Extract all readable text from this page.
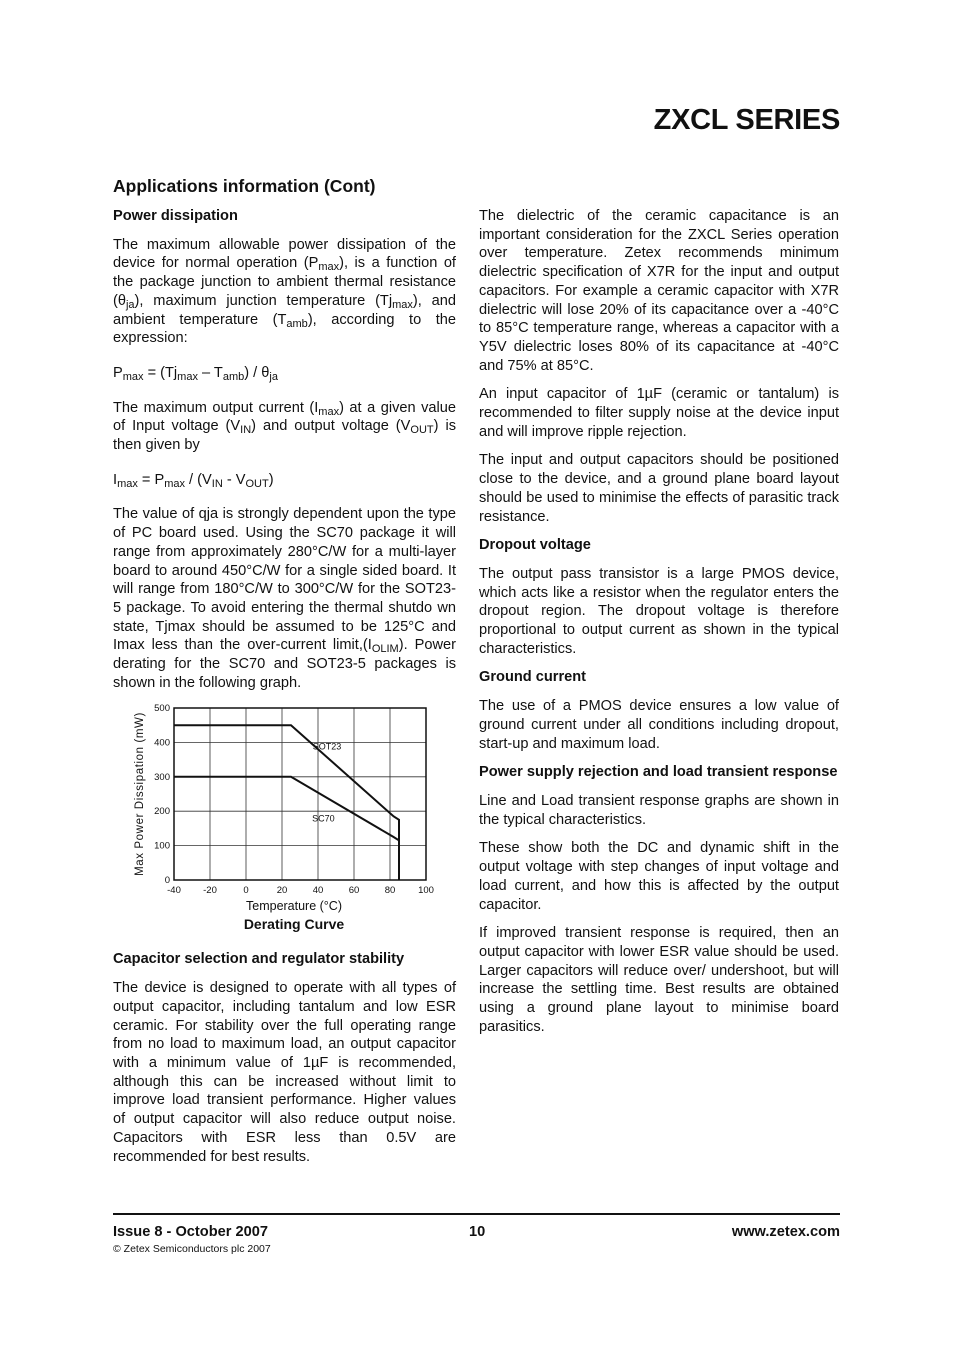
ZXCL SERIES
Applications information (Cont)
Power dissipation

The maximum allowable power dissipation of the device for normal operation $(P_{max})$, is a function of the package junction to ambient thermal resistance $(\theta_{ja})$, maximum junction temperature $(Tj_{max})$, and ambient temperature $(T_{amb})$, according to the expression:

$P_{max} = (Tj_{max} - T_{amb}) / \theta_{ja}$

The maximum output current $(I_{max})$ at a given value of Input voltage $(V_{IN})$ and output voltage $(V_{OUT})$ is then given by

$I_{max} = P_{max} / (V_{IN} - V_{OUT})$

The value of qja is strongly dependent upon the type of PC board used. Using the SC70 package it will range from approximately 280°C/W for a multi-layer board to around 450°C/W for a single sided board. It will range from 180°C/W to 300°C/W for the SOT23-5 package. To avoid entering the thermal shutdo wn state, Tjmax should be assumed to be 125°C and Imax less than the over-current $limit,(I_{OLIM})$. Power derating for the SC70 and SOT23-5 packages is shown in the following graph.

0
100
200
300
400
500
-40 -20	0	20	40	60	80 100
SOT23
SC70
Max Power Dissipation (mW)
Temperature (°C)
Derating Curve
Capacitor selection and regulator stability

The device is designed to operate with all types of output capacitor, including tantalum and low ESR ceramic. For stability over the full operating range from no load to maximum load, an output capacitor with a minimum value of 1µF is recommended, although this can be increased without limit to improve load transient performance. Higher values of output capacitor will also reduce output noise. Capacitors with ESR less than 0.5V are recommended for best results.

The dielectric of the ceramic capacitance is an important consideration for the ZXCL Series operation over temperature. Zetex recommends minimum dielectric specification of X7R for the input and output capacitors. For example a ceramic capacitor with X7R dielectric will lose 20% of its capacitance over a -40°C to 85°C temperature range, whereas a capacitor with a Y5V dielectric loses 80% of its capacitance at -40°C and 75% at 85°C.

An input capacitor of 1µF (ceramic or tantalum) is recommended to filter supply noise at the device input and will improve ripple rejection.

The input and output capacitors should be positioned close to the device, and a ground plane board layout should be used to minimise the effects of parasitic track resistance.

Dropout voltage

The output pass transistor is a large PMOS device, which acts like a resistor when the regulator enters the dropout region. The dropout voltage is therefore proportional to output current as shown in the typical characteristics.

Ground current

The use of a PMOS device ensures a low value of ground current under all conditions including dropout, start-up and maximum load.

Power supply rejection and load transient response

Line and Load transient response graphs are shown in the typical characteristics.

These show both the DC and dynamic shift in the output voltage with step changes of input voltage and load current, and how this is affected by the output capacitor.

If improved transient response is required, then an output capacitor with lower ESR value should be used. Larger capacitors will reduce over/ undershoot, but will increase the settling time. Best results are obtained using a ground plane layout to minimise board parasitics.

Issue 8 - October 2007	10	www.zetex.com
© Zetex Semiconductors plc 2007
